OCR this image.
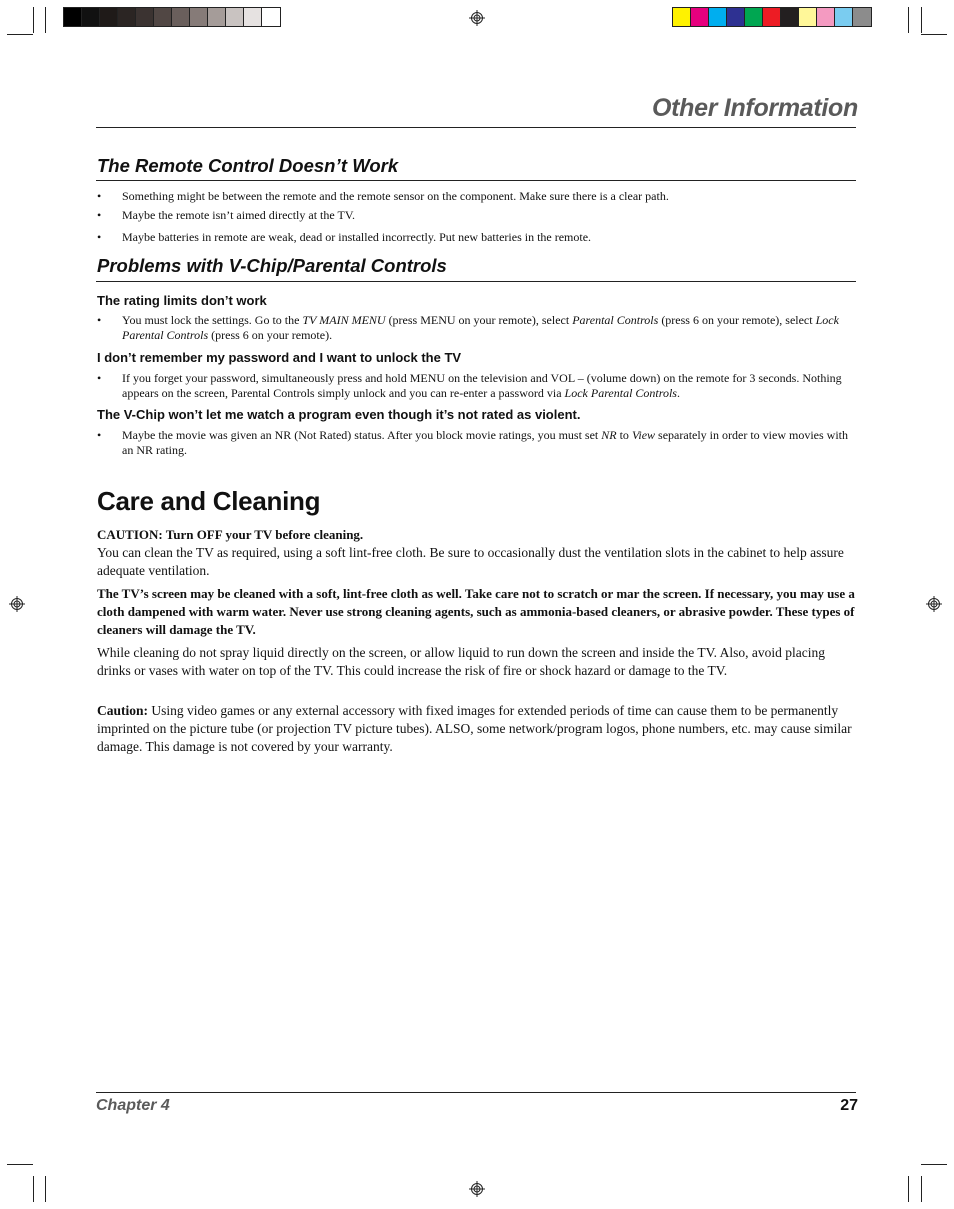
Other Information
The Remote Control Doesn’t Work
• Something might be between the remote and the remote sensor on the component. Make sure there is a clear path.
• Maybe the remote isn’t aimed directly at the TV.
• Maybe batteries in remote are weak, dead or installed incorrectly. Put new batteries in the remote.
Problems with V-Chip/Parental Controls
The rating limits don’t work
• You must lock the settings. Go to the TV MAIN MENU (press MENU on your remote), select Parental Controls (press 6 on your remote), select Lock Parental Controls (press 6 on your remote).
I don’t remember my password and I want to unlock the TV
• If you forget your password, simultaneously press and hold MENU on the television and VOL – (volume down) on the remote for 3 seconds. Nothing appears on the screen, Parental Controls simply unlock and you can re-enter a password via Lock Parental Controls.
The V-Chip won’t let me watch a program even though it’s not rated as violent.
• Maybe the movie was given an NR (Not Rated) status. After you block movie ratings, you must set NR to View separately in order to view movies with an NR rating.
Care and Cleaning
CAUTION: Turn OFF your TV before cleaning.

You can clean the TV as required, using a soft lint-free cloth. Be sure to occasionally dust the ventilation slots in the cabinet to help assure adequate ventilation.

The TV’s screen may be cleaned with a soft, lint-free cloth as well. Take care not to scratch or mar the screen. If necessary, you may use a cloth dampened with warm water. Never use strong cleaning agents, such as ammonia-based cleaners, or abrasive powder. These types of cleaners will damage the TV.

While cleaning do not spray liquid directly on the screen, or allow liquid to run down the screen and inside the TV. Also, avoid placing drinks or vases with water on top of the TV. This could increase the risk of fire or shock hazard or damage to the TV.

Caution: Using video games or any external accessory with fixed images for extended periods of time can cause them to be permanently imprinted on the picture tube (or projection TV picture tubes). ALSO, some network/program logos, phone numbers, etc. may cause similar damage. This damage is not covered by your warranty.

Chapter 4	27
